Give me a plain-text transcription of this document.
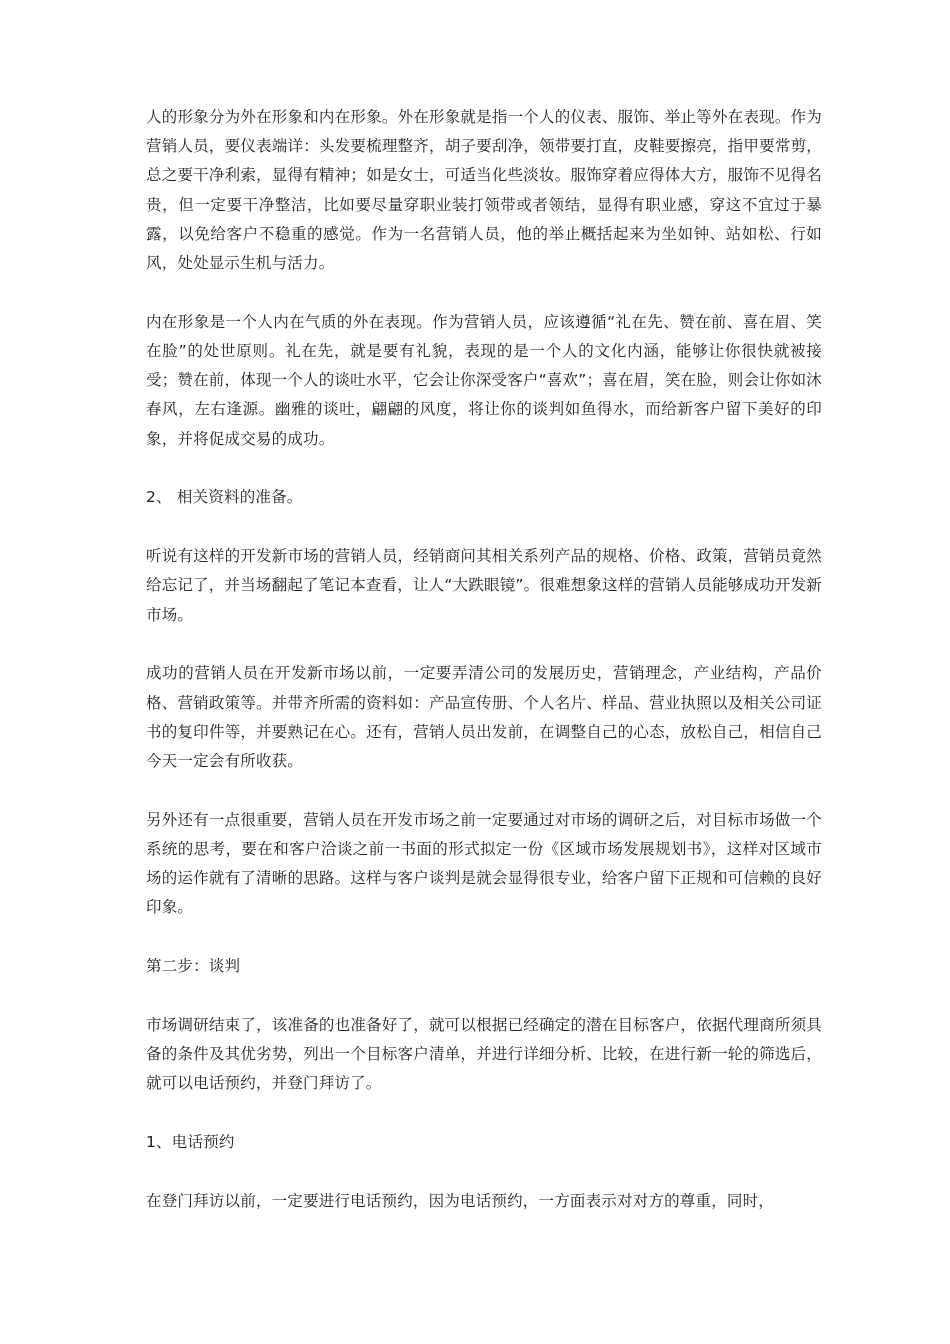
人的形象分为外在形象和内在形象。外在形象就是指一个人的仪表、服饰、举止等外在表现。作为营销人员，要仪表端详：头发要梳理整齐，胡子要刮净，领带要打直，皮鞋要擦亮，指甲要常剪，总之要干净利索，显得有精神；如是女士，可适当化些淡妆。服饰穿着应得体大方，服饰不见得名贵，但一定要干净整洁，比如要尽量穿职业装打领带或者领结，显得有职业感，穿这不宜过于暴露，以免给客户不稳重的感觉。作为一名营销人员，他的举止概括起来为坐如钟、站如松、行如风，处处显示生机与活力。

内在形象是一个人内在气质的外在表现。作为营销人员，应该遵循“礼在先、赞在前、喜在眉、笑在脸”的处世原则。礼在先，就是要有礼貌，表现的是一个人的文化内涵，能够让你很快就被接受；赞在前，体现一个人的谈吐水平，它会让你深受客户“喜欢”；喜在眉，笑在脸，则会让你如沐春风，左右逢源。幽雅的谈吐，翩翩的风度，将让你的谈判如鱼得水，而给新客户留下美好的印象，并将促成交易的成功。

2、 相关资料的准备。

听说有这样的开发新市场的营销人员，经销商问其相关系列产品的规格、价格、政策，营销员竟然给忘记了，并当场翻起了笔记本查看，让人“大跌眼镜”。很难想象这样的营销人员能够成功开发新市场。

成功的营销人员在开发新市场以前，一定要弄清公司的发展历史，营销理念，产业结构，产品价格、营销政策等。并带齐所需的资料如：产品宣传册、个人名片、样品、营业执照以及相关公司证书的复印件等，并要熟记在心。还有，营销人员出发前，在调整自己的心态，放松自己，相信自己今天一定会有所收获。

另外还有一点很重要，营销人员在开发市场之前一定要通过对市场的调研之后，对目标市场做一个系统的思考，要在和客户洽谈之前一书面的形式拟定一份《区域市场发展规划书》，这样对区域市场的运作就有了清晰的思路。这样与客户谈判是就会显得很专业，给客户留下正规和可信赖的良好印象。

第二步：谈判

市场调研结束了，该准备的也准备好了，就可以根据已经确定的潜在目标客户，依据代理商所须具备的条件及其优劣势，列出一个目标客户清单，并进行详细分析、比较，在进行新一轮的筛选后，就可以电话预约，并登门拜访了。

1、电话预约

在登门拜访以前，一定要进行电话预约，因为电话预约，一方面表示对对方的尊重，同时，
